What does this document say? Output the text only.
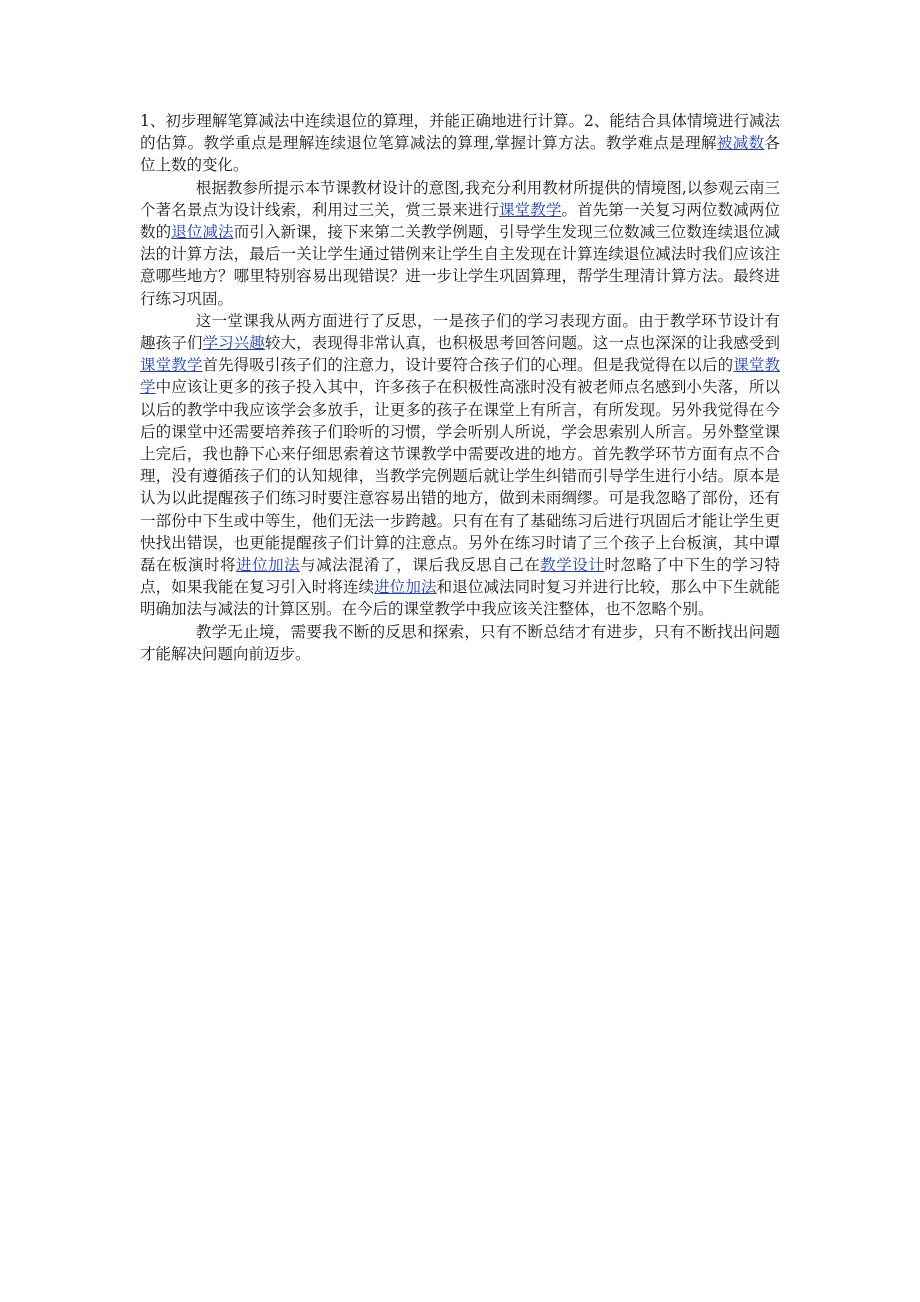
1、初步理解笔算减法中连续退位的算理，并能正确地进行计算。2、能结合具体情境进行减法的估算。教学重点是理解连续退位笔算减法的算理,掌握计算方法。教学难点是理解被减数各位上数的变化。

根据教参所提示本节课教材设计的意图,我充分利用教材所提供的情境图,以参观云南三个著名景点为设计线索，利用过三关，赏三景来进行课堂教学。首先第一关复习两位数减两位数的退位减法而引入新课，接下来第二关教学例题，引导学生发现三位数减三位数连续退位减法的计算方法，最后一关让学生通过错例来让学生自主发现在计算连续退位减法时我们应该注意哪些地方？哪里特别容易出现错误？进一步让学生巩固算理，帮学生理清计算方法。最终进行练习巩固。

这一堂课我从两方面进行了反思，一是孩子们的学习表现方面。由于教学环节设计有趣孩子们学习兴趣较大，表现得非常认真，也积极思考回答问题。这一点也深深的让我感受到课堂教学首先得吸引孩子们的注意力，设计要符合孩子们的心理。但是我觉得在以后的课堂教学中应该让更多的孩子投入其中，许多孩子在积极性高涨时没有被老师点名感到小失落，所以以后的教学中我应该学会多放手，让更多的孩子在课堂上有所言，有所发现。另外我觉得在今后的课堂中还需要培养孩子们聆听的习惯，学会听别人所说，学会思索别人所言。另外整堂课上完后，我也静下心来仔细思索着这节课教学中需要改进的地方。首先教学环节方面有点不合理，没有遵循孩子们的认知规律，当教学完例题后就让学生纠错而引导学生进行小结。原本是认为以此提醒孩子们练习时要注意容易出错的地方，做到未雨绸缪。可是我忽略了部份，还有一部份中下生或中等生，他们无法一步跨越。只有在有了基础练习后进行巩固后才能让学生更快找出错误，也更能提醒孩子们计算的注意点。另外在练习时请了三个孩子上台板演，其中谭磊在板演时将进位加法与减法混淆了，课后我反思自己在教学设计时忽略了中下生的学习特点，如果我能在复习引入时将连续进位加法和退位减法同时复习并进行比较，那么中下生就能明确加法与减法的计算区别。在今后的课堂教学中我应该关注整体，也不忽略个别。

教学无止境，需要我不断的反思和探索，只有不断总结才有进步，只有不断找出问题才能解决问题向前迈步。
